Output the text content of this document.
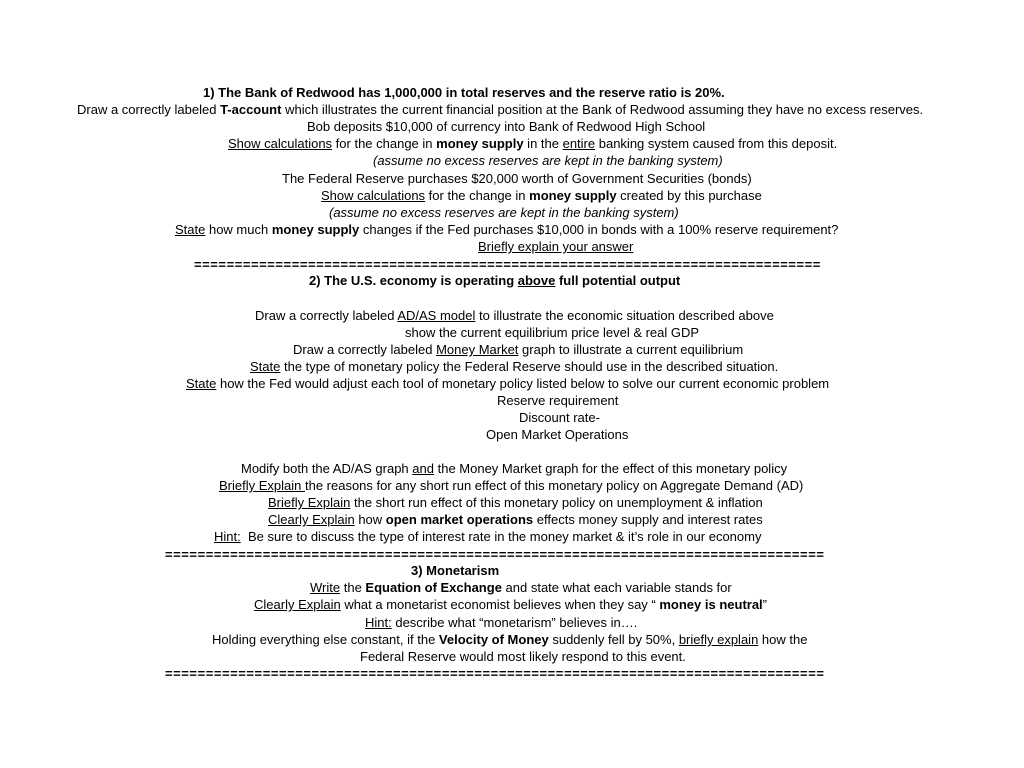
1) The Bank of Redwood has 1,000,000 in total reserves and the reserve ratio is 20%.
Draw a correctly labeled T-account which illustrates the current financial position at the Bank of Redwood assuming they have no excess reserves.
Bob deposits $10,000 of currency into Bank of Redwood High School
Show calculations for the change in money supply in the entire banking system caused from this deposit.
(assume no excess reserves are kept in the banking system)
The Federal Reserve purchases $20,000 worth of Government Securities (bonds)
Show calculations for the change in money supply created by this purchase
(assume no excess reserves are kept in the banking system)
State how much money supply changes if the Fed purchases $10,000 in bonds with a 100% reserve requirement?
Briefly explain your answer
=============================================================================
2) The U.S. economy is operating above full potential output
Draw a correctly labeled AD/AS model to illustrate the economic situation described above
show the current equilibrium price level & real GDP
Draw a correctly labeled Money Market graph to illustrate a current equilibrium
State the type of monetary policy the Federal Reserve should use in the described situation.
State how the Fed would adjust each tool of monetary policy listed below to solve our current economic problem
Reserve requirement
Discount rate-
Open Market Operations
Modify both the AD/AS graph and the Money Market graph for the effect of this monetary policy
Briefly Explain the reasons for any short run effect of this monetary policy on Aggregate Demand (AD)
Briefly Explain the short run effect of this monetary policy on unemployment & inflation
Clearly Explain how open market operations effects money supply and interest rates
Hint:  Be sure to discuss the type of interest rate in the money market & it’s role in our economy
=================================================================================
3) Monetarism
Write the Equation of Exchange and state what each variable stands for
Clearly Explain what a monetarist economist believes when they say “ money is neutral”
Hint: describe what “monetarism” believes in….
Holding everything else constant, if the Velocity of Money suddenly fell by 50%, briefly explain how the
Federal Reserve would most likely respond to this event.
=================================================================================
